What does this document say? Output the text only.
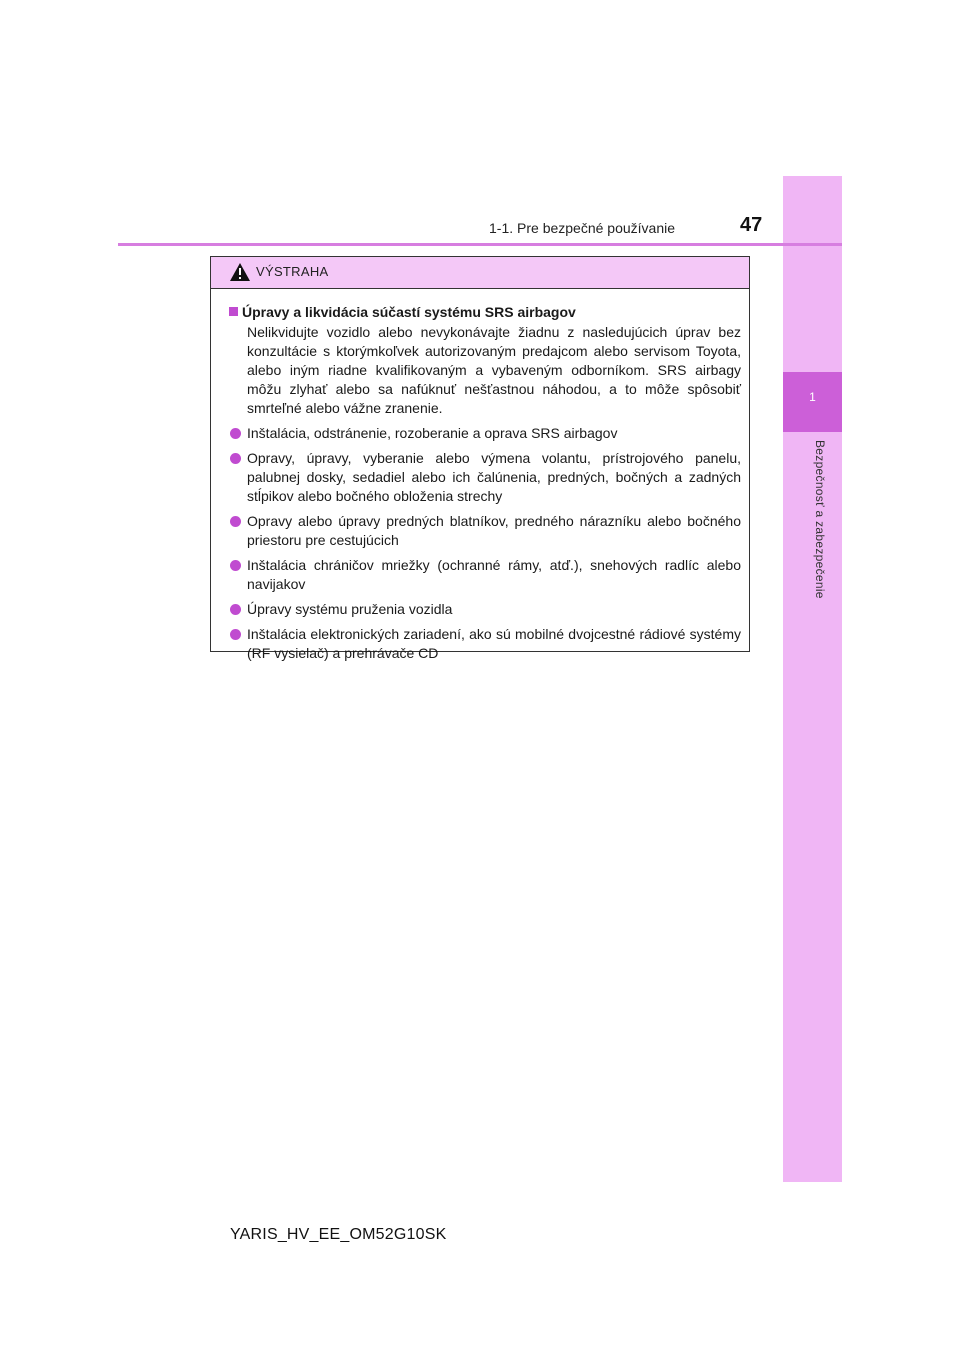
1
Bezpečnosť a zabezpečenie
1-1. Pre bezpečné používanie	47
VÝSTRAHA
Úpravy a likvidácia súčastí systému SRS airbagov

Nelikvidujte vozidlo alebo nevykonávajte žiadnu z nasledujúcich úprav bez konzultácie s ktorýmkoľvek autorizovaným predajcom alebo servisom Toyota, alebo iným riadne kvalifikovaným a vybaveným odborníkom. SRS airbagy môžu zlyhať alebo sa nafúknuť nešťastnou náhodou, a to môže spôsobiť smrteľné alebo vážne zranenie.

Inštalácia, odstránenie, rozoberanie a oprava SRS airbagov
Opravy, úpravy, vyberanie alebo výmena volantu, prístrojového panelu, palubnej dosky, sedadiel alebo ich čalúnenia, predných, bočných a zadných stĺpikov alebo bočného obloženia strechy
Opravy alebo úpravy predných blatníkov, predného nárazníku alebo bočného priestoru pre cestujúcich
Inštalácia chráničov mriežky (ochranné rámy, atď.), snehových radlíc alebo navijakov
Úpravy systému pruženia vozidla
Inštalácia elektronických zariadení, ako sú mobilné dvojcestné rádiové systémy (RF vysielač) a prehrávače CD
YARIS_HV_EE_OM52G10SK
